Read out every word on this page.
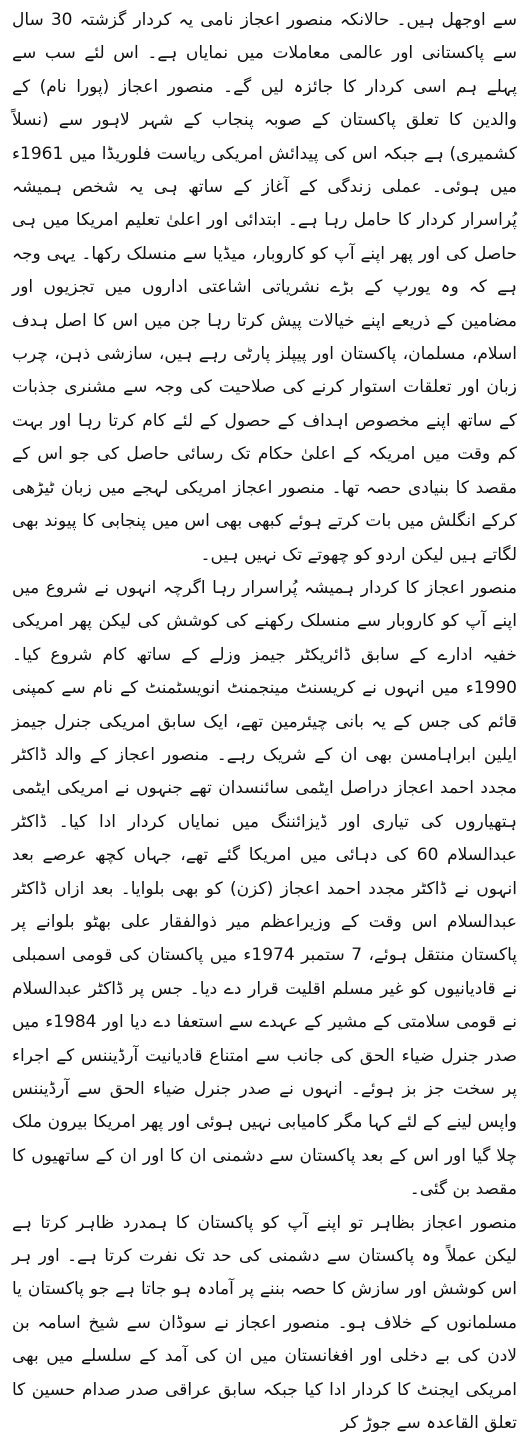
سے اوجھل ہیں۔ حالانکہ منصور اعجاز نامی یہ کردار گزشتہ 30 سال سے پاکستانی اور عالمی معاملات میں نمایاں ہے۔ اس لئے سب سے پہلے ہم اسی کردار کا جائزہ لیں گے۔ منصور اعجاز (پورا نام) کے والدین کا تعلق پاکستان کے صوبہ پنجاب کے شہر لاہور سے (نسلاً کشمیری) ہے جبکہ اس کی پیدائش امریکی ریاست فلوریڈا میں 1961ء میں ہوئی۔ عملی زندگی کے آغاز کے ساتھ ہی یہ شخص ہمیشہ پُراسرار کردار کا حامل رہا ہے۔ ابتدائی اور اعلیٰ تعلیم امریکا میں ہی حاصل کی اور پھر اپنے آپ کو کاروبار، میڈیا سے منسلک رکھا۔ یہی وجہ ہے کہ وہ یورپ کے بڑے نشریاتی اشاعتی اداروں میں تجزیوں اور مضامین کے ذریعے اپنے خیالات پیش کرتا رہا جن میں اس کا اصل ہدف اسلام، مسلمان، پاکستان اور پیپلز پارٹی رہے ہیں، سازشی ذہن، چرب زبان اور تعلقات استوار کرنے کی صلاحیت کی وجہ سے مشنری جذبات کے ساتھ اپنے مخصوص اہداف کے حصول کے لئے کام کرتا رہا اور بہت کم وقت میں امریکہ کے اعلیٰ حکام تک رسائی حاصل کی جو اس کے مقصد کا بنیادی حصہ تھا۔ منصور اعجاز امریکی لہجے میں زبان ٹیڑھی کرکے انگلش میں بات کرتے ہوئے کبھی بھی اس میں پنجابی کا پیوند بھی لگاتے ہیں لیکن اردو کو چھوتے تک نہیں ہیں۔

منصور اعجاز کا کردار ہمیشہ پُراسرار رہا اگرچہ انہوں نے شروع میں اپنے آپ کو کاروبار سے منسلک رکھنے کی کوشش کی لیکن پھر امریکی خفیہ ادارے کے سابق ڈائریکٹر جیمز وزلے کے ساتھ کام شروع کیا۔ 1990ء میں انہوں نے کریسنٹ مینجمنٹ انویسٹمنٹ کے نام سے کمپنی قائم کی جس کے یہ بانی چیئرمین تھے، ایک سابق امریکی جنرل جیمز ایلین ابراہامسن بھی ان کے شریک رہے۔ منصور اعجاز کے والد ڈاکٹر مجدد احمد اعجاز دراصل ایٹمی سائنسدان تھے جنہوں نے امریکی ایٹمی ہتھیاروں کی تیاری اور ڈیزائننگ میں نمایاں کردار ادا کیا۔ ڈاکٹر عبدالسلام 60 کی دہائی میں امریکا گئے تھے، جہاں کچھ عرصے بعد انہوں نے ڈاکٹر مجدد احمد اعجاز (کزن) کو بھی بلوایا۔ بعد ازاں ڈاکٹر عبدالسلام اس وقت کے وزیراعظم میر ذوالفقار علی بھٹو بلوانے پر پاکستان منتقل ہوئے، 7 ستمبر 1974ء میں پاکستان کی قومی اسمبلی نے قادیانیوں کو غیر مسلم اقلیت قرار دے دیا۔ جس پر ڈاکٹر عبدالسلام نے قومی سلامتی کے مشیر کے عہدے سے استعفا دے دیا اور 1984ء میں صدر جنرل ضیاء الحق کی جانب سے امتناع قادیانیت آرڈیننس کے اجراء پر سخت جز بز ہوئے۔ انہوں نے صدر جنرل ضیاء الحق سے آرڈیننس واپس لینے کے لئے کہا مگر کامیابی نہیں ہوئی اور پھر امریکا بیرون ملک چلا گیا اور اس کے بعد پاکستان سے دشمنی ان کا اور ان کے ساتھیوں کا مقصد بن گئی۔

منصور اعجاز بظاہر تو اپنے آپ کو پاکستان کا ہمدرد ظاہر کرتا ہے لیکن عملاً وہ پاکستان سے دشمنی کی حد تک نفرت کرتا ہے۔ اور ہر اس کوشش اور سازش کا حصہ بننے پر آمادہ ہو جاتا ہے جو پاکستان یا مسلمانوں کے خلاف ہو۔ منصور اعجاز نے سوڈان سے شیخ اسامہ بن لادن کی بے دخلی اور افغانستان میں ان کی آمد کے سلسلے میں بھی امریکی ایجنٹ کا کردار ادا کیا جبکہ سابق عراقی صدر صدام حسین کا تعلق القاعدہ سے جوڑ کر
